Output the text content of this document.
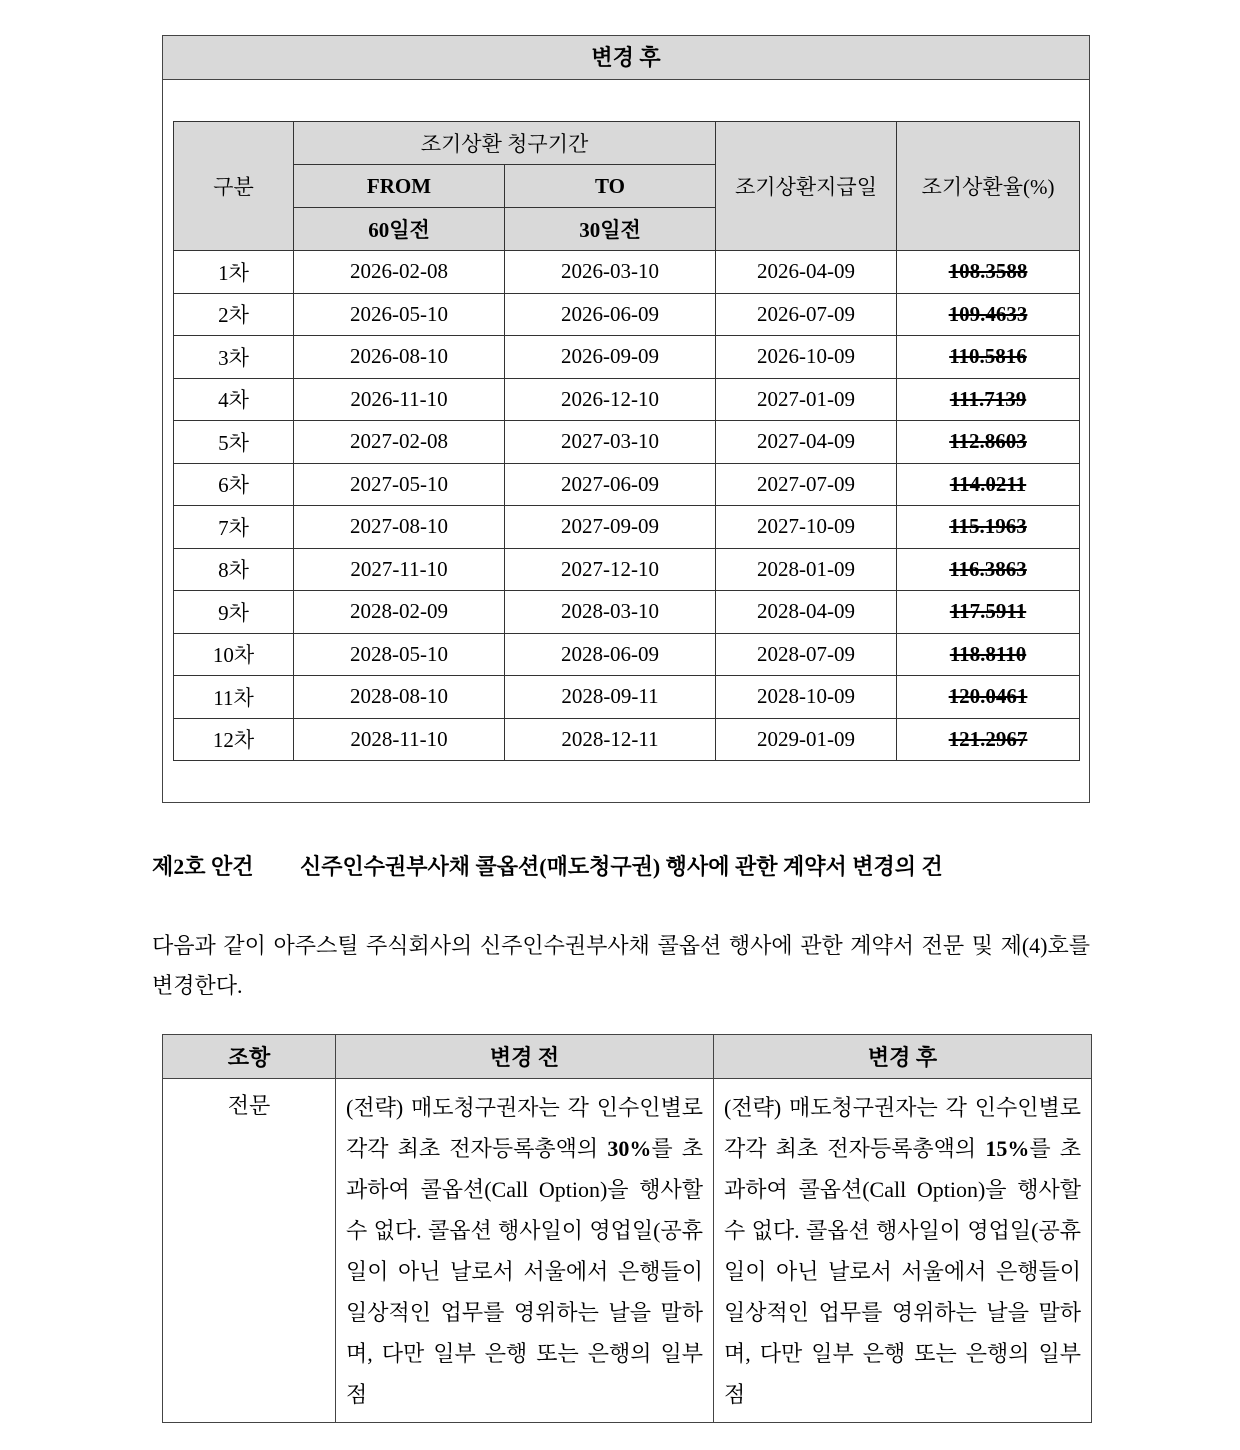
변경 후
구분	조기상환 청구기간		조기상환지급일	조기상환율(%)
	FROM	TO		
	60일전	30일전		
1차	2026-02-08	2026-03-10	2026-04-09	108.3588
2차	2026-05-10	2026-06-09	2026-07-09	109.4633
3차	2026-08-10	2026-09-09	2026-10-09	110.5816
4차	2026-11-10	2026-12-10	2027-01-09	111.7139
5차	2027-02-08	2027-03-10	2027-04-09	112.8603
6차	2027-05-10	2027-06-09	2027-07-09	114.0211
7차	2027-08-10	2027-09-09	2027-10-09	115.1963
8차	2027-11-10	2027-12-10	2028-01-09	116.3863
9차	2028-02-09	2028-03-10	2028-04-09	117.5911
10차	2028-05-10	2028-06-09	2028-07-09	118.8110
11차	2028-08-10	2028-09-11	2028-10-09	120.0461
12차	2028-11-10	2028-12-11	2029-01-09	121.2967
제2호 안건 신주인수권부사채 콜옵션(매도청구권) 행사에 관한 계약서 변경의 건
다음과 같이 아주스틸 주식회사의 신주인수권부사채 콜옵션 행사에 관한 계약서 전문 및 제(4)호를 변경한다.
조항	변경 전	변경 후
전문	(전략) 매도청구권자는 각 인수인별로 각각 최초 전자등록총액의 30%를 초과하여 콜옵션(Call Option)을 행사할 수 없다. 콜옵션 행사일이 영업일(공휴일이 아닌 날로서 서울에서 은행들이 일상적인 업무를 영위하는 날을 말하며, 다만 일부 은행 또는 은행의 일부 점	(전략) 매도청구권자는 각 인수인별로 각각 최초 전자등록총액의 15%를 초과하여 콜옵션(Call Option)을 행사할 수 없다. 콜옵션 행사일이 영업일(공휴일이 아닌 날로서 서울에서 은행들이 일상적인 업무를 영위하는 날을 말하며, 다만 일부 은행 또는 은행의 일부 점
